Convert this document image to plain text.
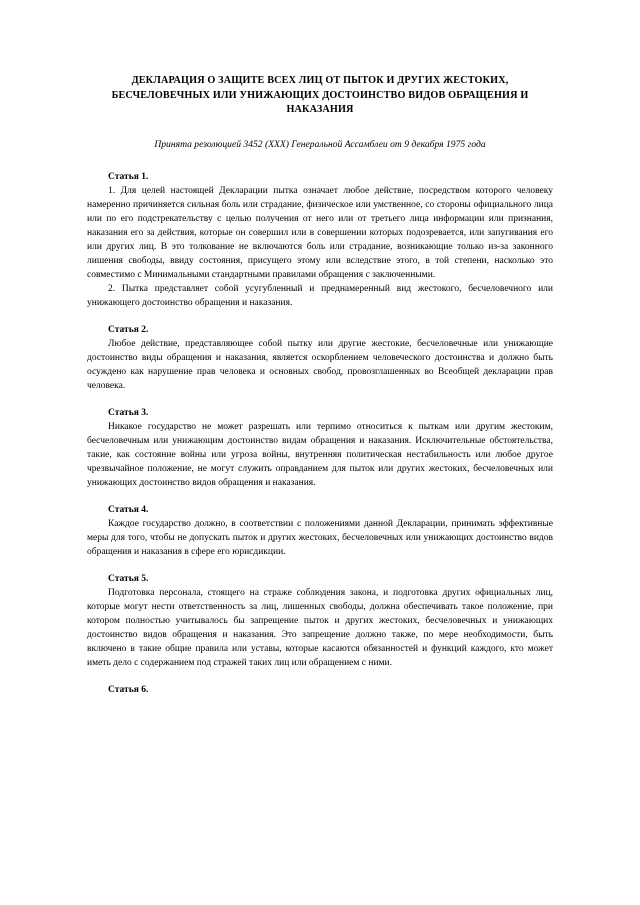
ДЕКЛАРАЦИЯ О ЗАЩИТЕ ВСЕХ ЛИЦ ОТ ПЫТОК И ДРУГИХ ЖЕСТОКИХ, БЕСЧЕЛОВЕЧНЫХ ИЛИ УНИЖАЮЩИХ ДОСТОИНСТВО ВИДОВ ОБРАЩЕНИЯ И НАКАЗАНИЯ

Принята резолюцией 3452 (XXX) Генеральной Ассамблеи от 9 декабря 1975 года

Статья 1.

1. Для целей настоящей Декларации пытка означает любое действие, посредством которого человеку намеренно причиняется сильная боль или страдание, физическое или умственное, со стороны официального лица или по его подстрекательству с целью получения от него или от третьего лица информации или признания, наказания его за действия, которые он совершил или в совершении которых подозревается, или запугивания его или других лиц. В это толкование не включаются боль или страдание, возникающие только из-за законного лишения свободы, ввиду состояния, присущего этому или вследствие этого, в той степени, насколько это совместимо с Минимальными стандартными правилами обращения с заключенными.

2. Пытка представляет собой усугубленный и преднамеренный вид жестокого, бесчеловечного или унижающего достоинство обращения и наказания.

Статья 2.

Любое действие, представляющее собой пытку или другие жестокие, бесчеловечные или унижающие достоинство виды обращения и наказания, является оскорблением человеческого достоинства и должно быть осуждено как нарушение прав человека и основных свобод, провозглашенных во Всеобщей декларации прав человека.

Статья 3.

Никакое государство не может разрешать или терпимо относиться к пыткам или другим жестоким, бесчеловечным или унижающим достоинство видам обращения и наказания. Исключительные обстоятельства, такие, как состояние войны или угроза войны, внутренняя политическая нестабильность или любое другое чрезвычайное положение, не могут служить оправданием для пыток или других жестоких, бесчеловечных или унижающих достоинство видов обращения и наказания.

Статья 4.

Каждое государство должно, в соответствии с положениями данной Декларации, принимать эффективные меры для того, чтобы не допускать пыток и других жестоких, бесчеловечных или унижающих достоинство видов обращения и наказания в сфере его юрисдикции.

Статья 5.

Подготовка персонала, стоящего на страже соблюдения закона, и подготовка других официальных лиц, которые могут нести ответственность за лиц, лишенных свободы, должна обеспечивать такое положение, при котором полностью учитывалось бы запрещение пыток и других жестоких, бесчеловечных и унижающих достоинство видов обращения и наказания. Это запрещение должно также, по мере необходимости, быть включено в такие общие правила или уставы, которые касаются обязанностей и функций каждого, кто может иметь дело с содержанием под стражей таких лиц или обращением с ними.

Статья 6.
